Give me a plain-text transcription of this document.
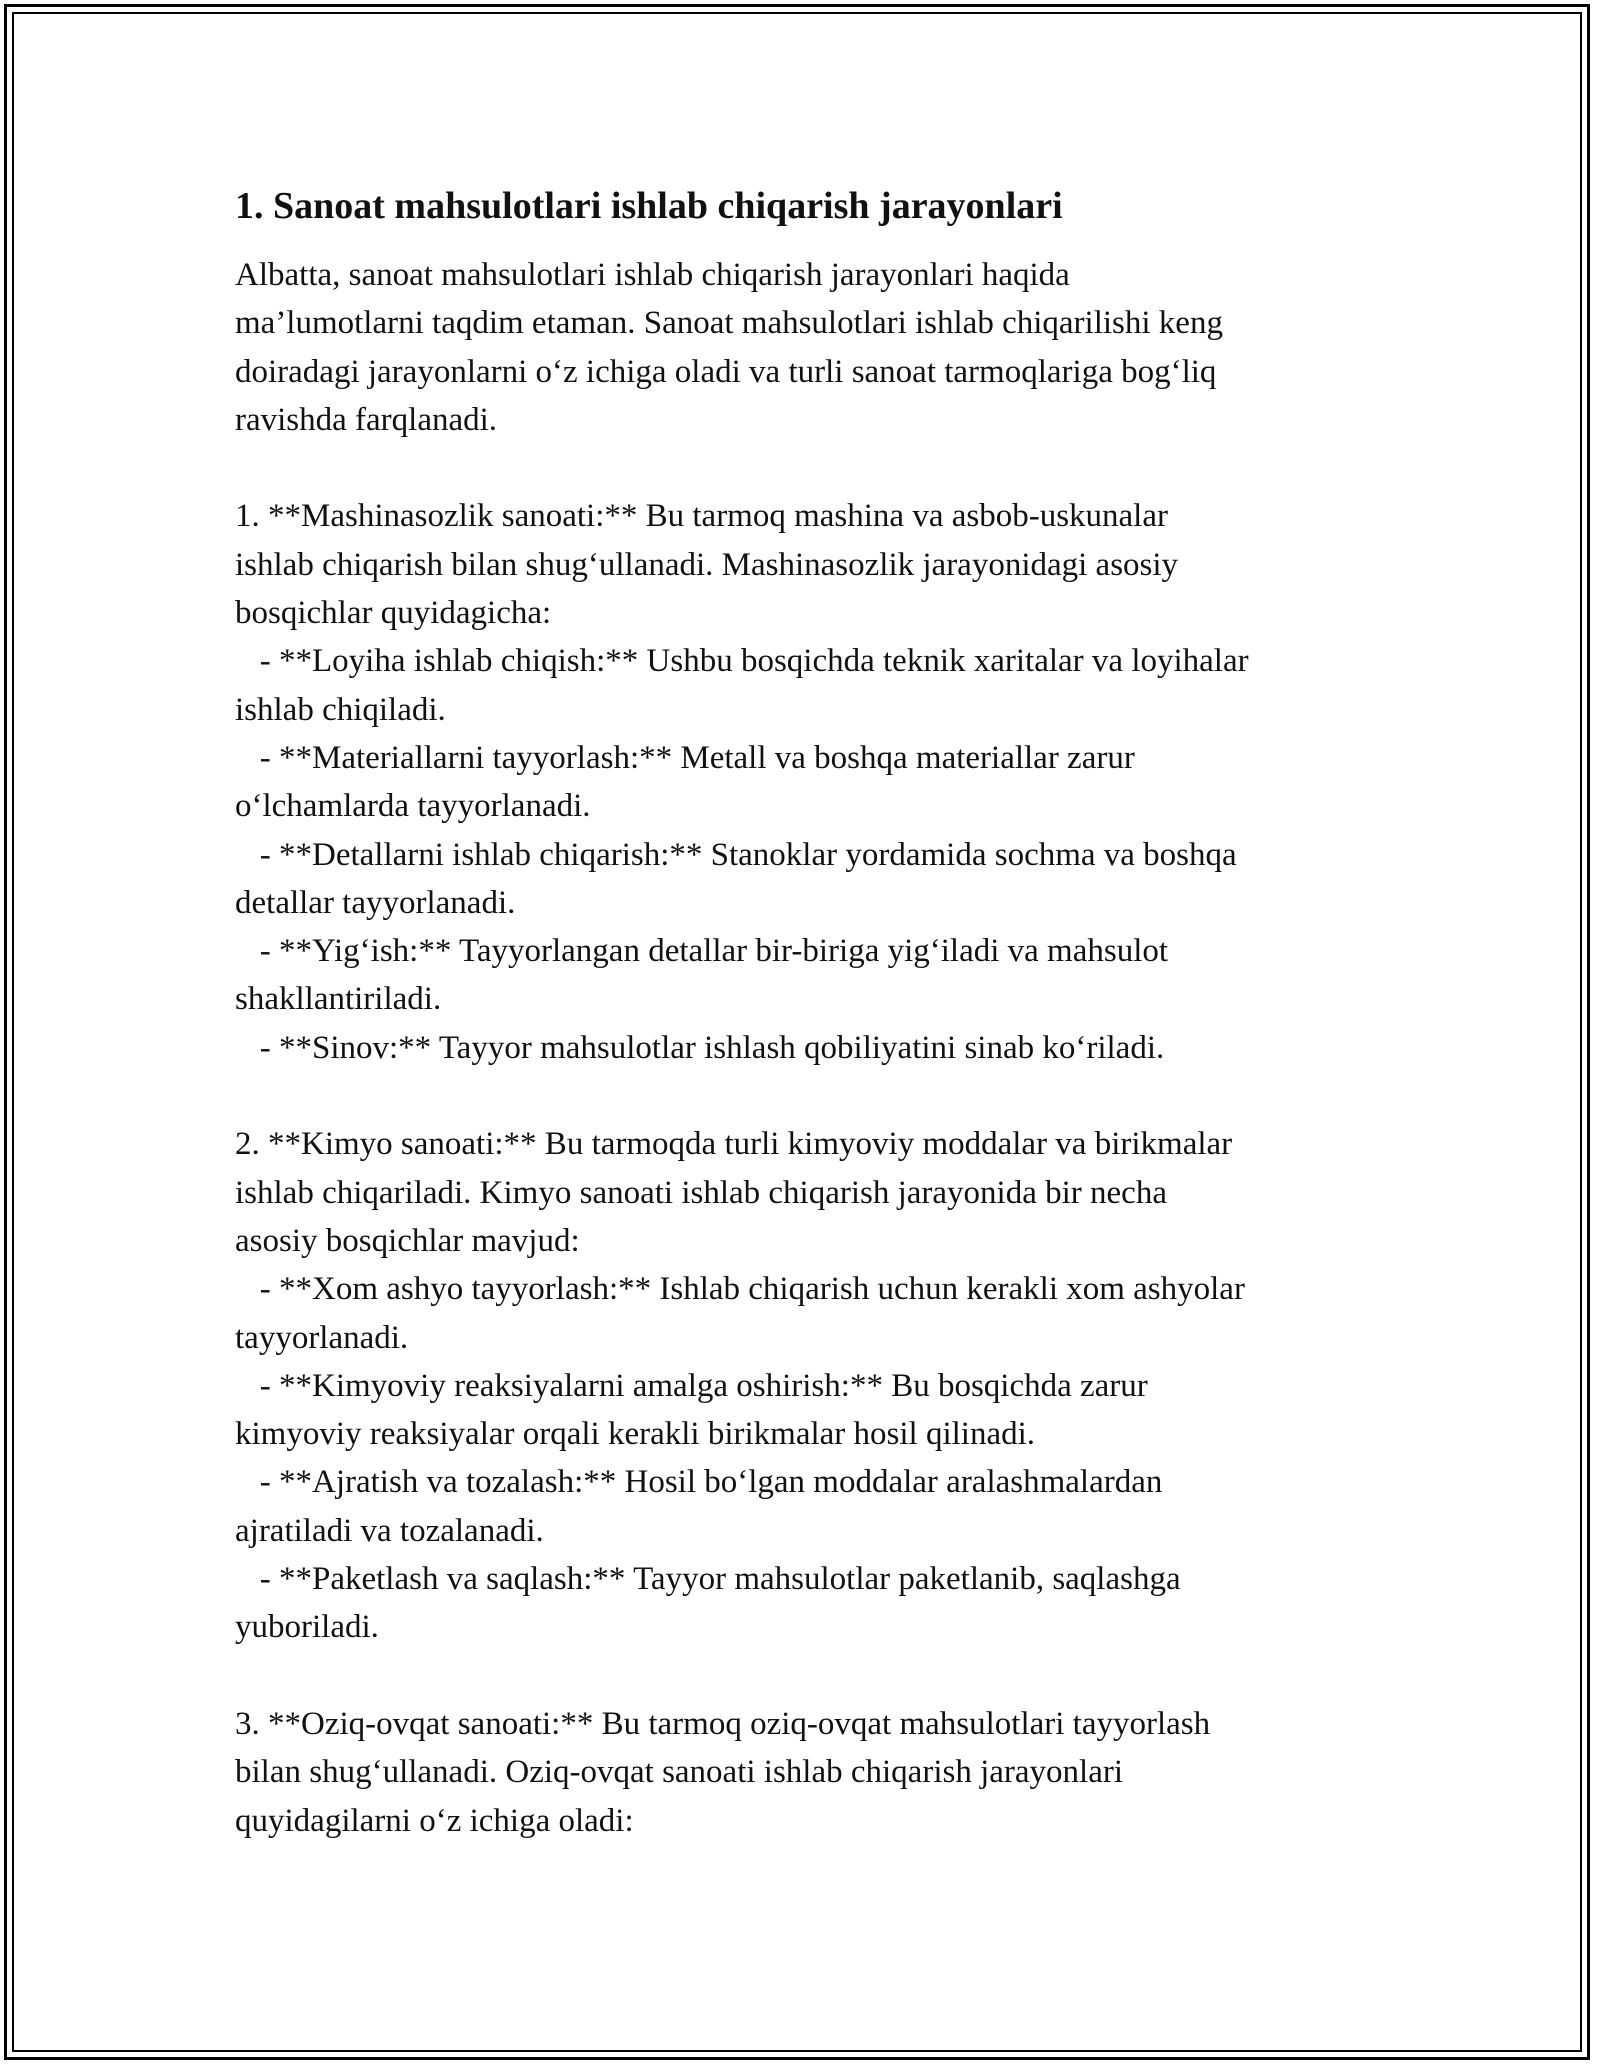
1. Sanoat mahsulotlari ishlab chiqarish jarayonlari

Albatta, sanoat mahsulotlari ishlab chiqarish jarayonlari haqida
ma’lumotlarni taqdim etaman. Sanoat mahsulotlari ishlab chiqarilishi keng
doiradagi jarayonlarni o‘z ichiga oladi va turli sanoat tarmoqlariga bog‘liq
ravishda farqlanadi.

1. **Mashinasozlik sanoati:** Bu tarmoq mashina va asbob-uskunalar
ishlab chiqarish bilan shug‘ullanadi. Mashinasozlik jarayonidagi asosiy
bosqichlar quyidagicha:

- **Loyiha ishlab chiqish:** Ushbu bosqichda teknik xaritalar va loyihalar
ishlab chiqiladi.

- **Materiallarni tayyorlash:** Metall va boshqa materiallar zarur
o‘lchamlarda tayyorlanadi.

- **Detallarni ishlab chiqarish:** Stanoklar yordamida sochma va boshqa
detallar tayyorlanadi.

- **Yig‘ish:** Tayyorlangan detallar bir-biriga yig‘iladi va mahsulot
shakllantiriladi.

- **Sinov:** Tayyor mahsulotlar ishlash qobiliyatini sinab ko‘riladi.

2. **Kimyo sanoati:** Bu tarmoqda turli kimyoviy moddalar va birikmalar
ishlab chiqariladi. Kimyo sanoati ishlab chiqarish jarayonida bir necha
asosiy bosqichlar mavjud:

- **Xom ashyo tayyorlash:** Ishlab chiqarish uchun kerakli xom ashyolar
tayyorlanadi.

- **Kimyoviy reaksiyalarni amalga oshirish:** Bu bosqichda zarur
kimyoviy reaksiyalar orqali kerakli birikmalar hosil qilinadi.

- **Ajratish va tozalash:** Hosil bo‘lgan moddalar aralashmalardan
ajratiladi va tozalanadi.

- **Paketlash va saqlash:** Tayyor mahsulotlar paketlanib, saqlashga
yuboriladi.

3. **Oziq-ovqat sanoati:** Bu tarmoq oziq-ovqat mahsulotlari tayyorlash
bilan shug‘ullanadi. Oziq-ovqat sanoati ishlab chiqarish jarayonlari
quyidagilarni o‘z ichiga oladi:
